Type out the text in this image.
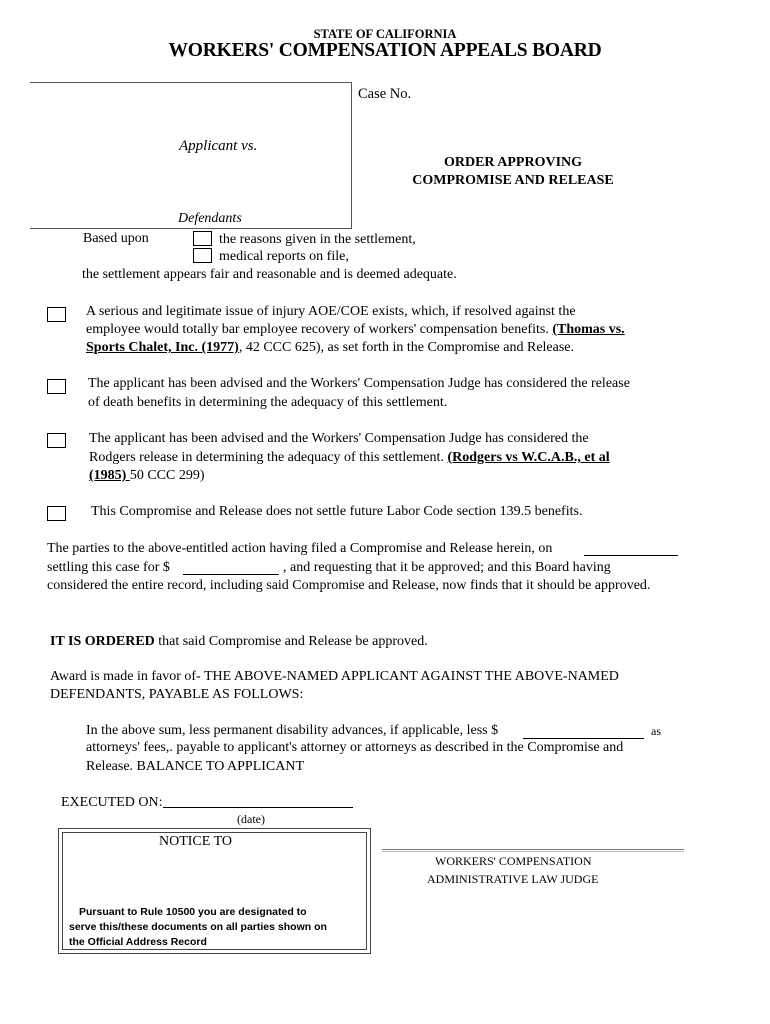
STATE OF CALIFORNIA
WORKERS' COMPENSATION APPEALS BOARD
Case No.
Applicant vs.
ORDER APPROVING
COMPROMISE AND RELEASE
Defendants
Based upon	the reasons given in the settlement,
medical reports on file,
the settlement appears fair and reasonable and is deemed adequate.
A serious and legitimate issue of injury AOE/COE exists, which, if resolved against the
employee would totally bar employee recovery of workers' compensation benefits. (Thomas vs.
Sports Chalet, Inc. (1977), 42 CCC 625), as set forth in the Compromise and Release.
The applicant has been advised and the Workers' Compensation Judge has considered the release
of death benefits in determining the adequacy of this settlement.
The applicant has been advised and the Workers' Compensation Judge has considered the
Rodgers release in determining the adequacy of this settlement. (Rodgers vs W.C.A.B., et al
(1985) 50 CCC 299)
This Compromise and Release does not settle future Labor Code section 139.5 benefits.
The parties to the above-entitled action having filed a Compromise and Release herein, on
settling this case for $	, and requesting that it be approved; and this Board having
considered the entire record, including said Compromise and Release, now finds that it should be approved.
IT IS ORDERED that said Compromise and Release be approved.
Award is made in favor of- THE ABOVE-NAMED APPLICANT AGAINST THE ABOVE-NAMED
DEFENDANTS, PAYABLE AS FOLLOWS:
In the above sum, less permanent disability advances, if applicable, less $	as
attorneys' fees,. payable to applicant's attorney or attorneys as described in the Compromise and
Release. BALANCE TO APPLICANT
EXECUTED ON:
(date)
NOTICE TO
Pursuant to Rule 10500 you are designated to
serve this/these documents on all parties shown on
the Official Address Record
WORKERS' COMPENSATION
ADMINISTRATIVE LAW JUDGE
